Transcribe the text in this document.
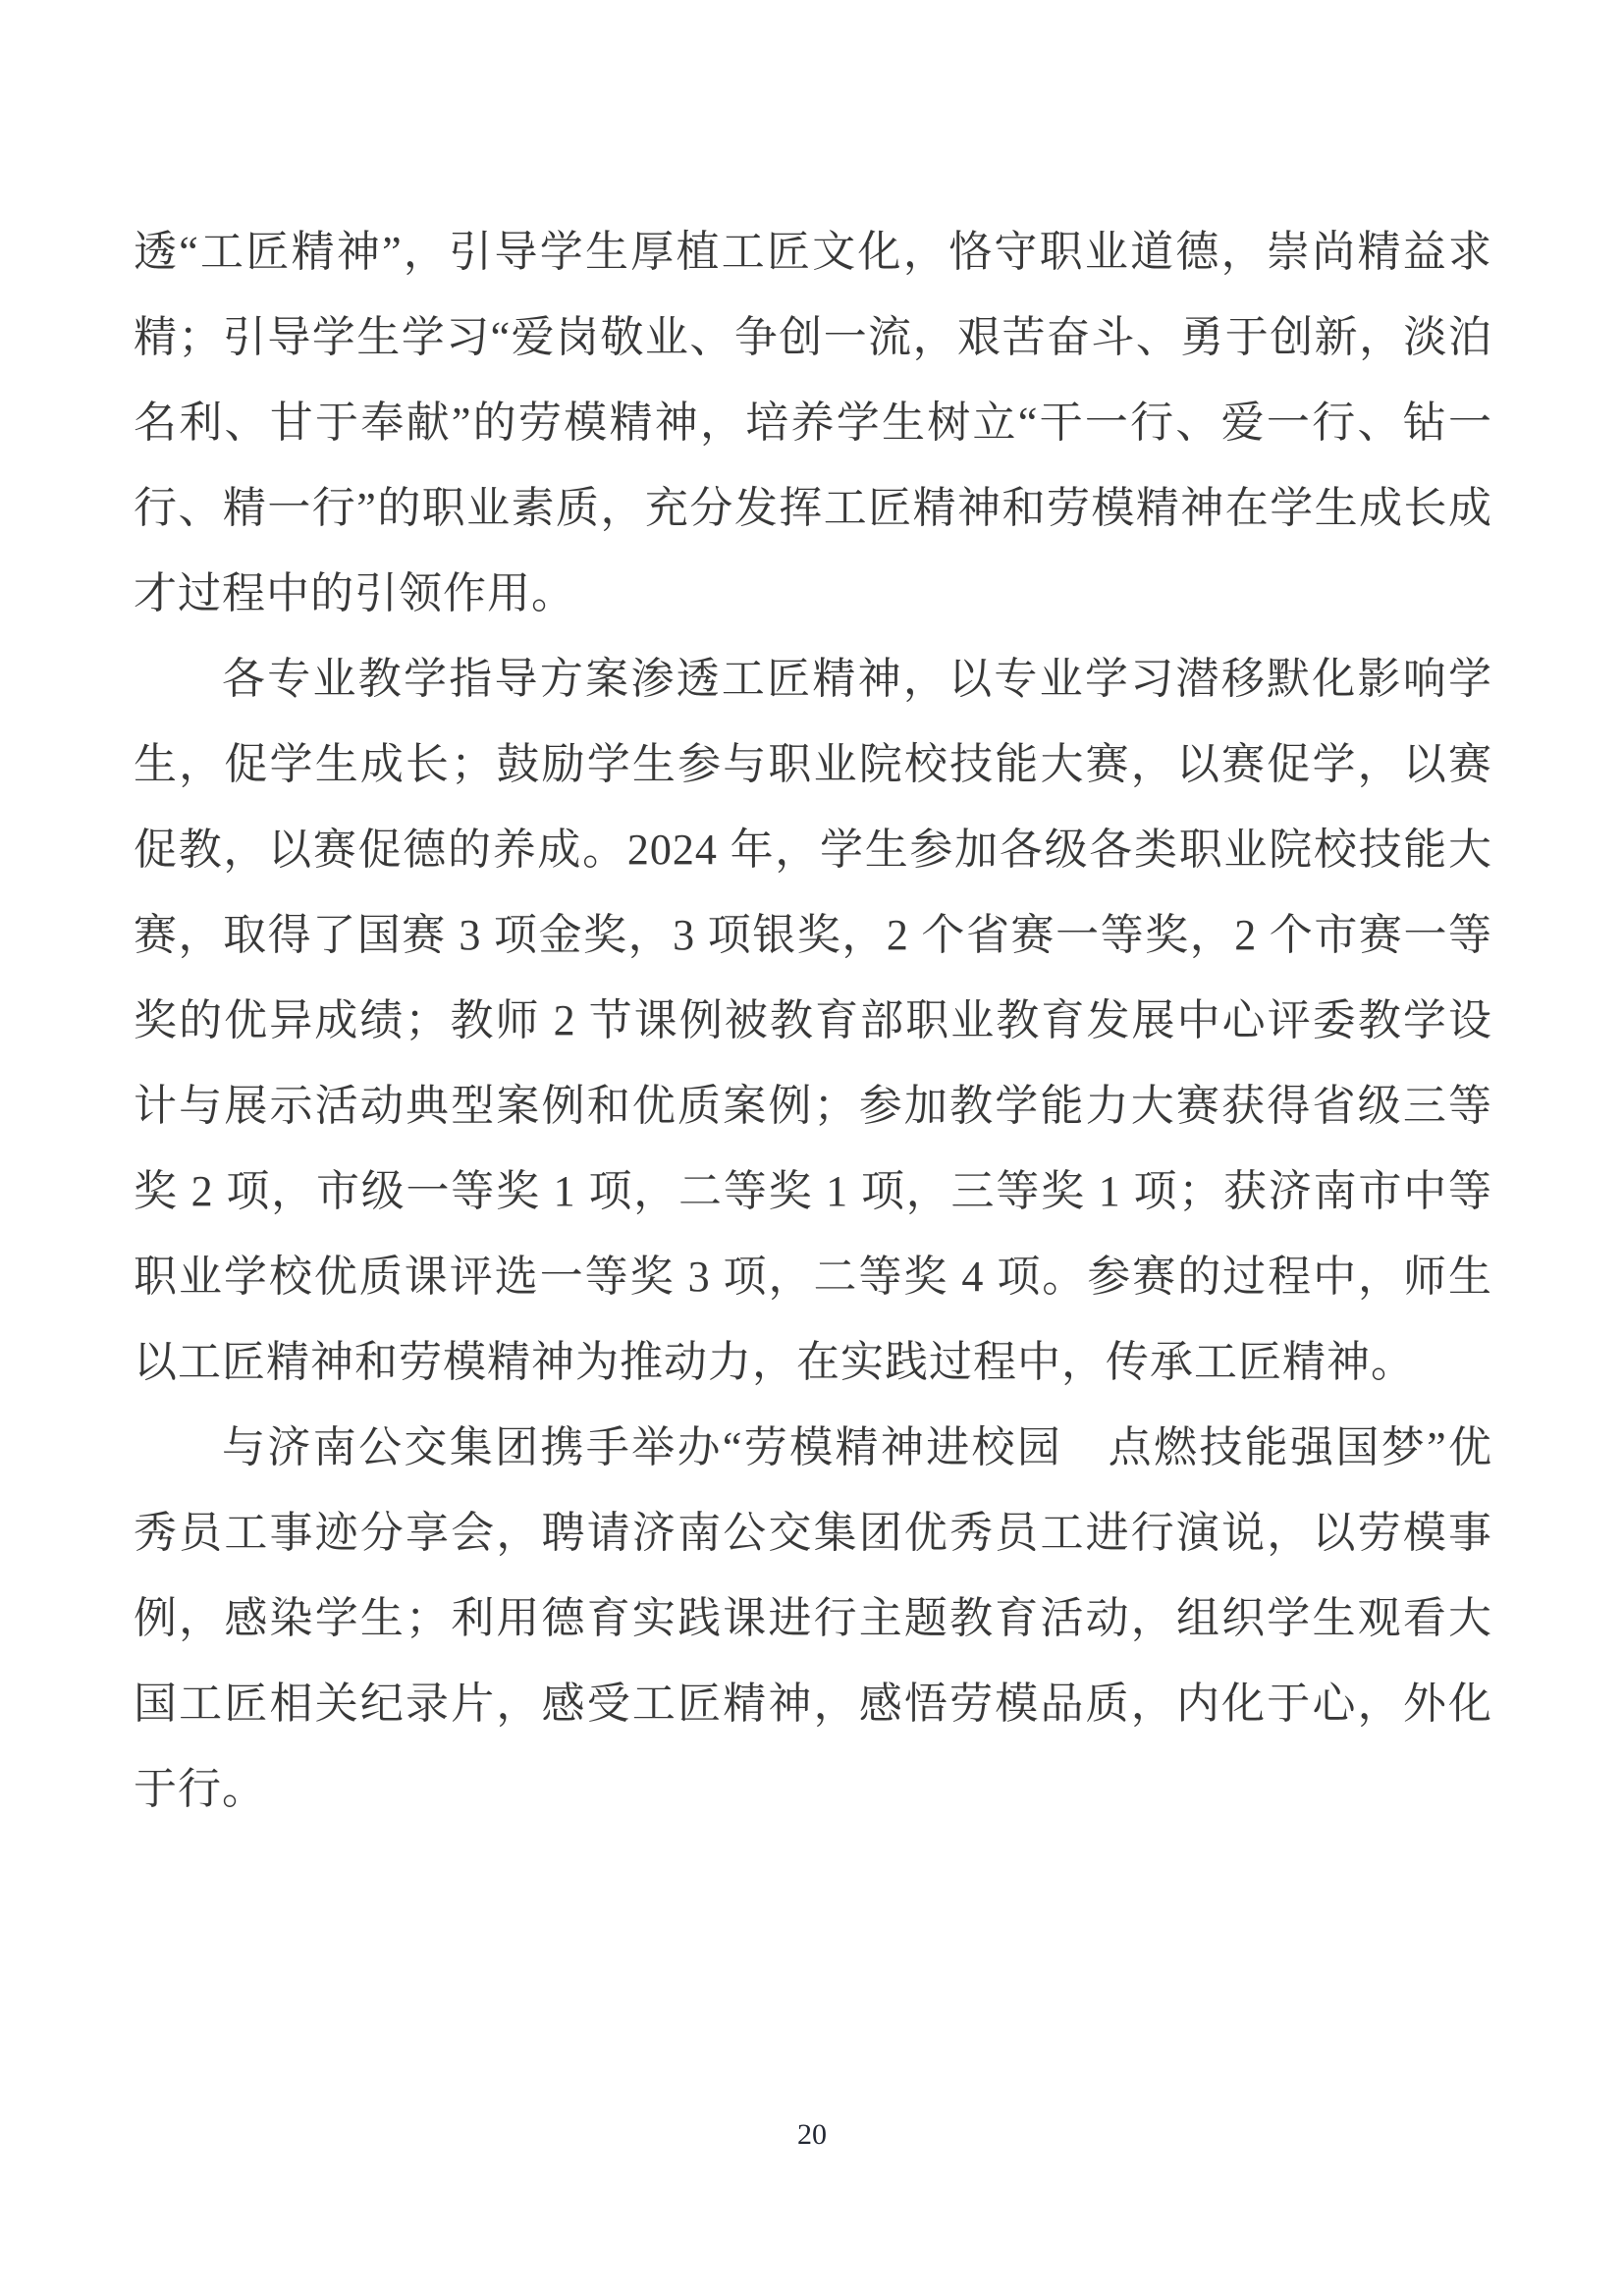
透“工匠精神”，引导学生厚植工匠文化，恪守职业道德，崇尚精益求精；引导学生学习“爱岗敬业、争创一流，艰苦奋斗、勇于创新，淡泊名利、甘于奉献”的劳模精神，培养学生树立“干一行、爱一行、钻一行、精一行”的职业素质，充分发挥工匠精神和劳模精神在学生成长成才过程中的引领作用。

各专业教学指导方案渗透工匠精神，以专业学习潜移默化影响学生，促学生成长；鼓励学生参与职业院校技能大赛，以赛促学，以赛促教，以赛促德的养成。2024 年，学生参加各级各类职业院校技能大赛，取得了国赛 3 项金奖，3 项银奖，2 个省赛一等奖，2 个市赛一等奖的优异成绩；教师 2 节课例被教育部职业教育发展中心评委教学设计与展示活动典型案例和优质案例；参加教学能力大赛获得省级三等奖 2 项，市级一等奖 1 项，二等奖 1 项，三等奖 1 项；获济南市中等职业学校优质课评选一等奖 3 项，二等奖 4 项。参赛的过程中，师生以工匠精神和劳模精神为推动力，在实践过程中，传承工匠精神。

与济南公交集团携手举办“劳模精神进校园　点燃技能强国梦”优秀员工事迹分享会，聘请济南公交集团优秀员工进行演说，以劳模事例，感染学生；利用德育实践课进行主题教育活动，组织学生观看大国工匠相关纪录片，感受工匠精神，感悟劳模品质，内化于心，外化于行。

20
